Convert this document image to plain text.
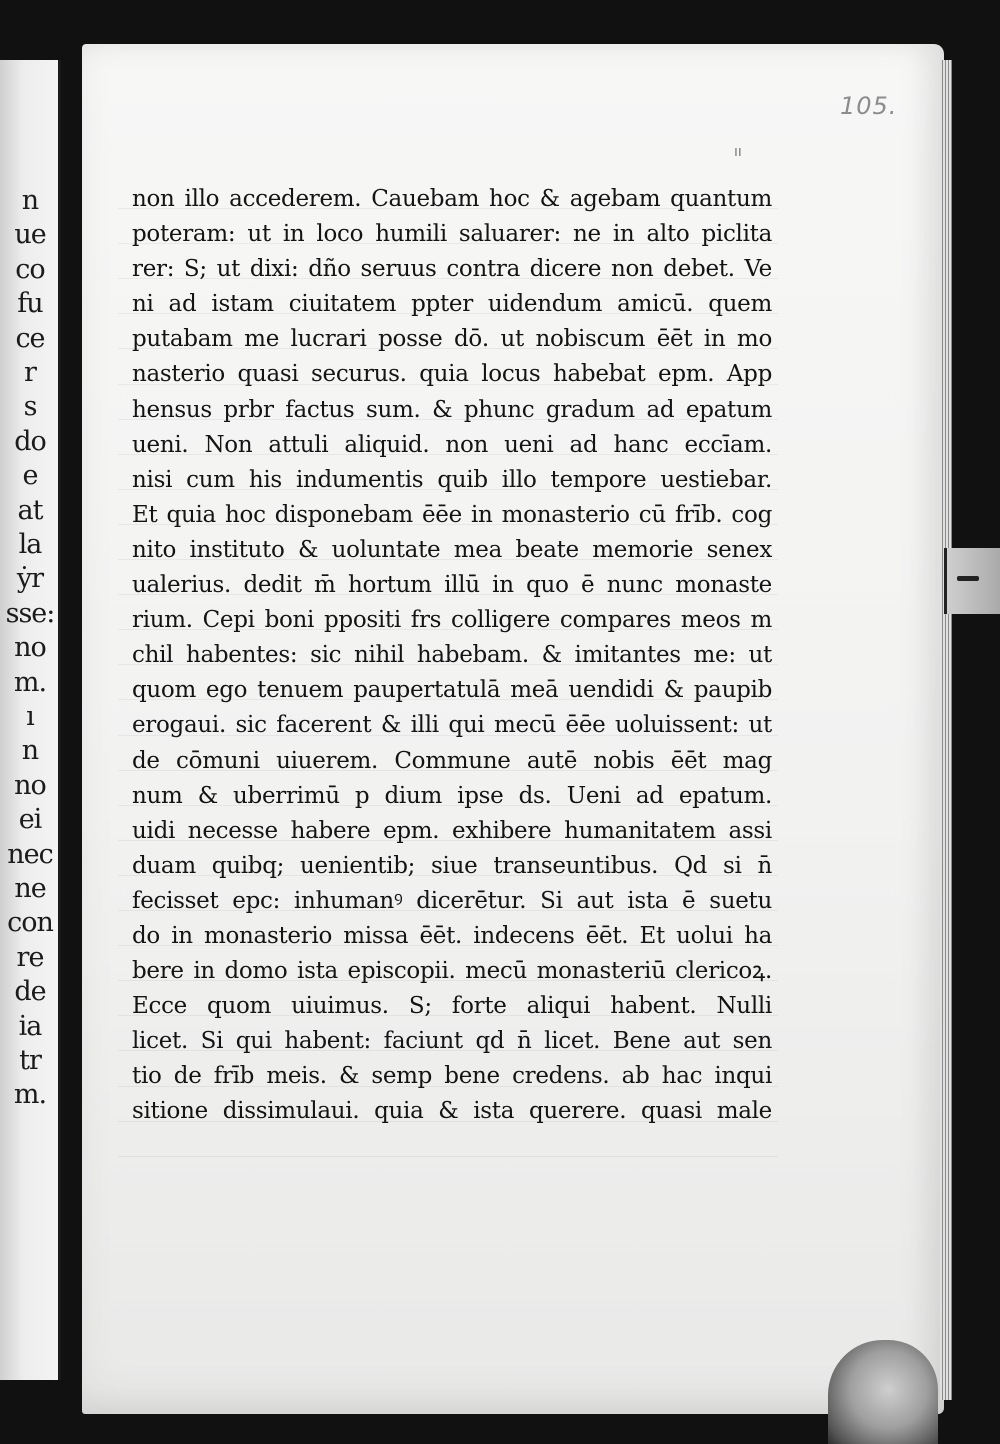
n
ue
co
fu
ce
r
s
do
e
at
la
ẏr
sse:
no
m.
ı
n
no
ei
nec
ne
con
re
de
ia
tr
m.
105.
ıı
non illo accederem. Cauebam hoc & agebam quantum
poteram: ut in loco humili saluarer: ne in alto piclita
rer: S; ut dixi: dño seruus contra dicere non debet. Ve
ni ad istam ciuitatem ppter uidendum amicū. quem
putabam me lucrari posse dō. ut nobiscum ēēt in mo
nasterio quasi securus. quia locus habebat epm. App
hensus prbr factus sum. & phunc gradum ad epatum
ueni. Non attuli aliquid. non ueni ad hanc eccīam.
nisi cum his indumentis quib illo tempore uestiebar.
Et quia hoc disponebam ēēe in monasterio cū frīb. cog
nito instituto & uoluntate mea beate memorie senex
ualerius. dedit m̄ hortum illū in quo ē nunc monaste
rium. Cepi boni ppositi frs colligere compares meos m
chil habentes: sic nihil habebam. & imitantes me: ut
quom ego tenuem paupertatulā meā uendidi & paupib
erogaui. sic facerent & illi qui mecū ēēe uoluissent: ut
de cōmuni uiuerem. Commune autē nobis ēēt mag
num & uberrimū p dium ipse ds. Ueni ad epatum.
uidi necesse habere epm. exhibere humanitatem assi
duam quibq; uenientib; siue transeuntibus. Qd si n̄
fecisset epc: inhumanꝰ dicerētur. Si aut ista ē suetu
do in monasterio missa ēēt. indecens ēēt. Et uolui ha
bere in domo ista episcopii. mecū monasteriū clericoꝝ.
Ecce quom uiuimus. S; forte aliqui habent. Nulli
licet. Si qui habent: faciunt qd n̄ licet. Bene aut sen
tio de frīb meis. & semp bene credens. ab hac inqui
sitione dissimulaui. quia & ista querere. quasi male
